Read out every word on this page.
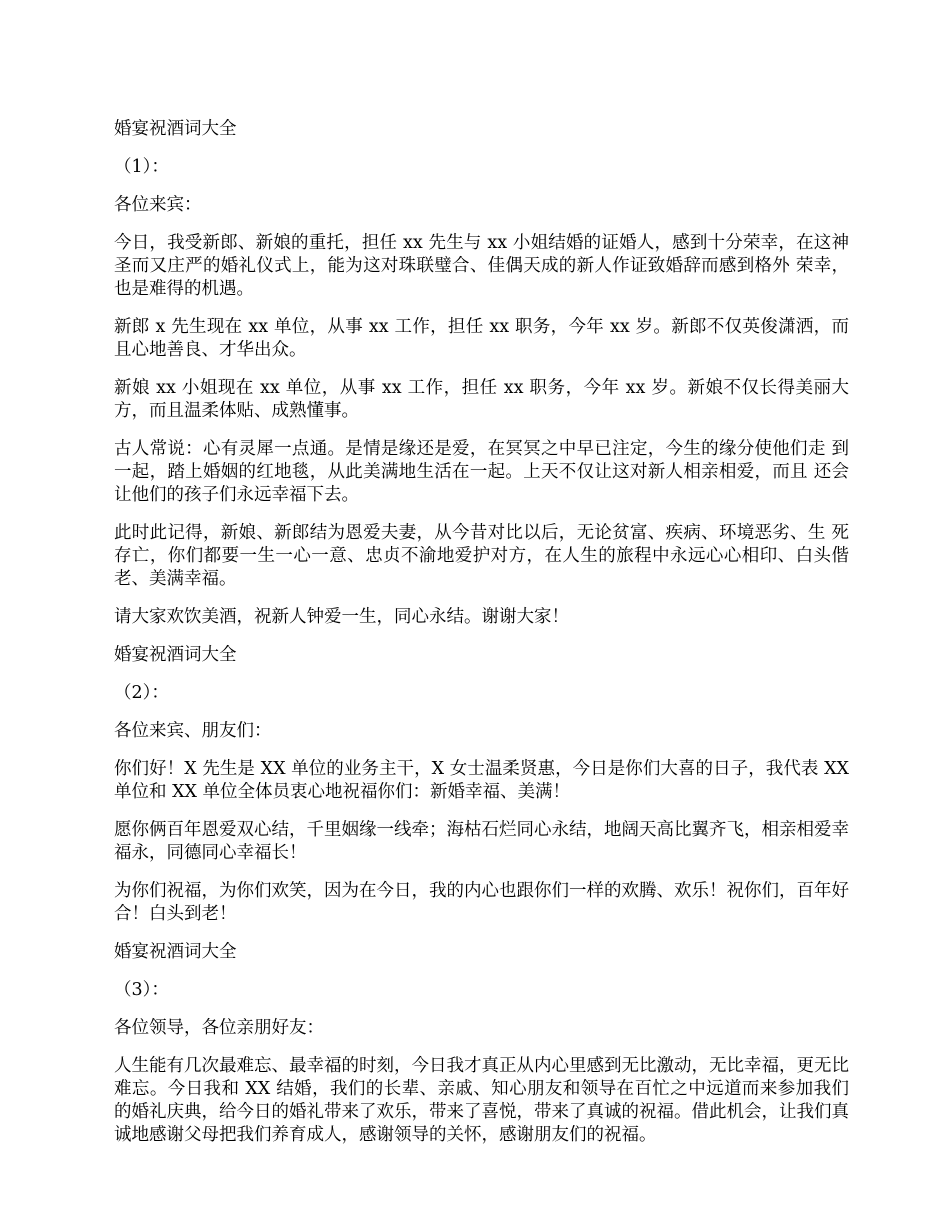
婚宴祝酒词大全

（1）：

各位来宾：

今日，我受新郎、新娘的重托，担任 xx 先生与 xx 小姐结婚的证婚人，感到十分荣幸，在这神圣而又庄严的婚礼仪式上，能为这对珠联璧合、佳偶天成的新人作证致婚辞而感到格外 荣幸，也是难得的机遇。

新郎 x 先生现在 xx 单位，从事 xx 工作，担任 xx 职务，今年 xx 岁。新郎不仅英俊潇洒，而且心地善良、才华出众。

新娘 xx 小姐现在 xx 单位，从事 xx 工作，担任 xx 职务，今年 xx 岁。新娘不仅长得美丽大方，而且温柔体贴、成熟懂事。

古人常说：心有灵犀一点通。是情是缘还是爱，在冥冥之中早已注定，今生的缘分使他们走 到一起，踏上婚姻的红地毯，从此美满地生活在一起。上天不仅让这对新人相亲相爱，而且 还会让他们的孩子们永远幸福下去。

此时此记得，新娘、新郎结为恩爱夫妻，从今昔对比以后，无论贫富、疾病、环境恶劣、生 死存亡，你们都要一生一心一意、忠贞不渝地爱护对方，在人生的旅程中永远心心相印、白头偕老、美满幸福。

请大家欢饮美酒，祝新人钟爱一生，同心永结。谢谢大家！

婚宴祝酒词大全

（2）：

各位来宾、朋友们：

你们好！X 先生是 XX 单位的业务主干，X 女士温柔贤惠，今日是你们大喜的日子，我代表 XX 单位和 XX 单位全体员衷心地祝福你们：新婚幸福、美满！

愿你俩百年恩爱双心结，千里姻缘一线牵；海枯石烂同心永结，地阔天高比翼齐飞，相亲相爱幸福永，同德同心幸福长！

为你们祝福，为你们欢笑，因为在今日，我的内心也跟你们一样的欢腾、欢乐！祝你们，百年好合！白头到老！

婚宴祝酒词大全

（3）：

各位领导，各位亲朋好友：

人生能有几次最难忘、最幸福的时刻，今日我才真正从内心里感到无比激动，无比幸福，更无比难忘。今日我和 XX 结婚，我们的长辈、亲戚、知心朋友和领导在百忙之中远道而来参加我们的婚礼庆典，给今日的婚礼带来了欢乐，带来了喜悦，带来了真诚的祝福。借此机会，让我们真诚地感谢父母把我们养育成人，感谢领导的关怀，感谢朋友们的祝福。
